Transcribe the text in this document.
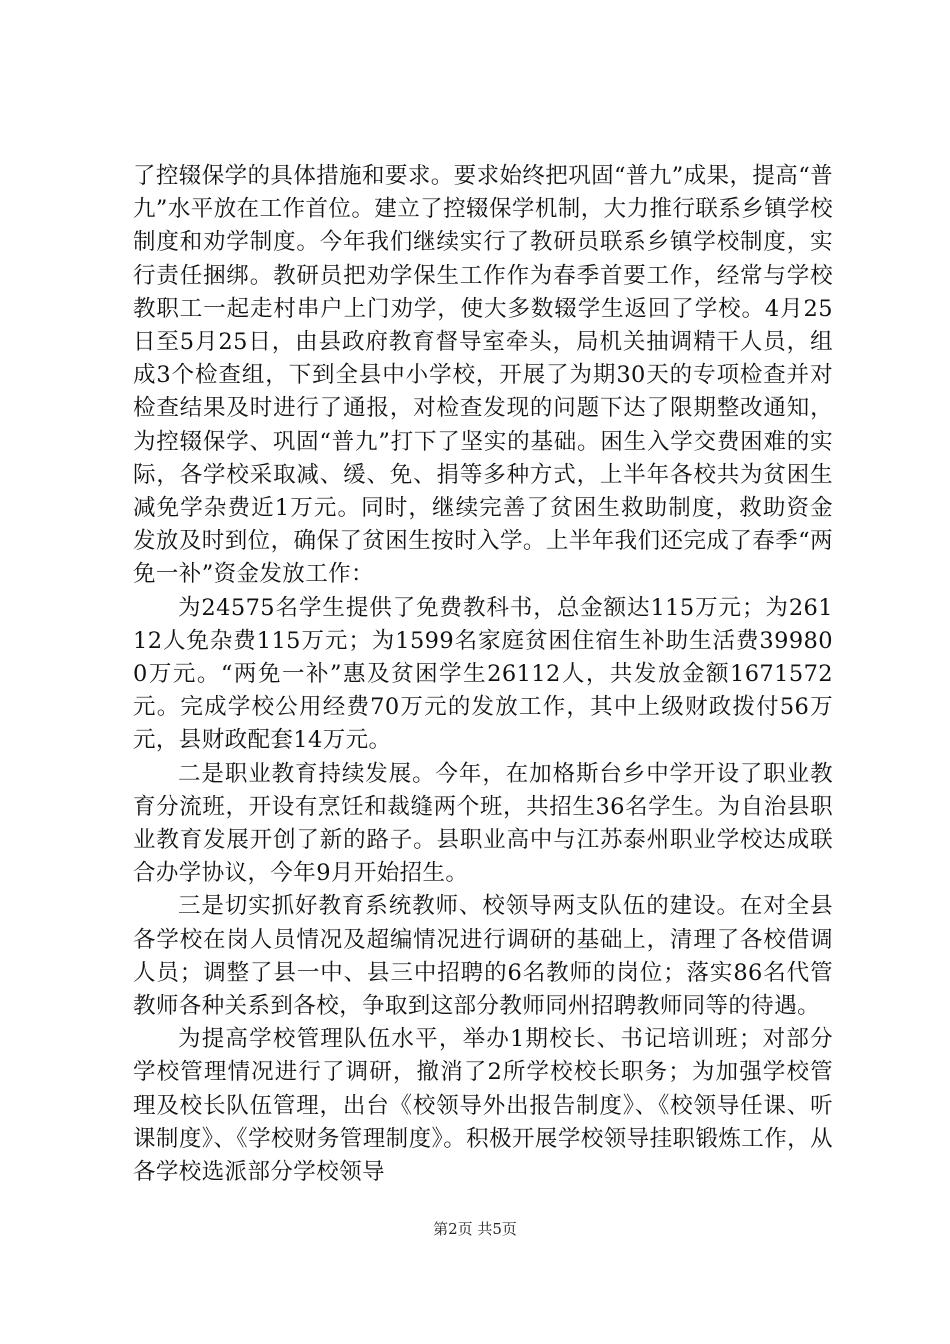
了控辍保学的具体措施和要求。要求始终把巩固“普九”成果，提高“普九”水平放在工作首位。建立了控辍保学机制，大力推行联系乡镇学校制度和劝学制度。今年我们继续实行了教研员联系乡镇学校制度，实行责任捆绑。教研员把劝学保生工作作为春季首要工作，经常与学校教职工一起走村串户上门劝学，使大多数辍学生返回了学校。4月25日至5月25日，由县政府教育督导室牵头，局机关抽调精干人员，组成3个检查组，下到全县中小学校，开展了为期30天的专项检查并对检查结果及时进行了通报，对检查发现的问题下达了限期整改通知，为控辍保学、巩固“普九”打下了坚实的基础。困生入学交费困难的实际，各学校采取减、缓、免、捐等多种方式，上半年各校共为贫困生减免学杂费近1万元。同时，继续完善了贫困生救助制度，救助资金发放及时到位，确保了贫困生按时入学。上半年我们还完成了春季“两免一补”资金发放工作：

为24575名学生提供了免费教科书，总金额达115万元；为26112人免杂费115万元；为1599名家庭贫困住宿生补助生活费399800万元。“两免一补”惠及贫困学生26112人，共发放金额1671572元。完成学校公用经费70万元的发放工作，其中上级财政拨付56万元，县财政配套14万元。

二是职业教育持续发展。今年，在加格斯台乡中学开设了职业教育分流班，开设有烹饪和裁缝两个班，共招生36名学生。为自治县职业教育发展开创了新的路子。县职业高中与江苏泰州职业学校达成联合办学协议，今年9月开始招生。

三是切实抓好教育系统教师、校领导两支队伍的建设。在对全县各学校在岗人员情况及超编情况进行调研的基础上，清理了各校借调人员；调整了县一中、县三中招聘的6名教师的岗位；落实86名代管教师各种关系到各校，争取到这部分教师同州招聘教师同等的待遇。

为提高学校管理队伍水平，举办1期校长、书记培训班；对部分学校管理情况进行了调研，撤消了2所学校校长职务；为加强学校管理及校长队伍管理，出台《校领导外出报告制度》、《校领导任课、听课制度》、《学校财务管理制度》。积极开展学校领导挂职锻炼工作，从各学校选派部分学校领导

第2页 共5页
